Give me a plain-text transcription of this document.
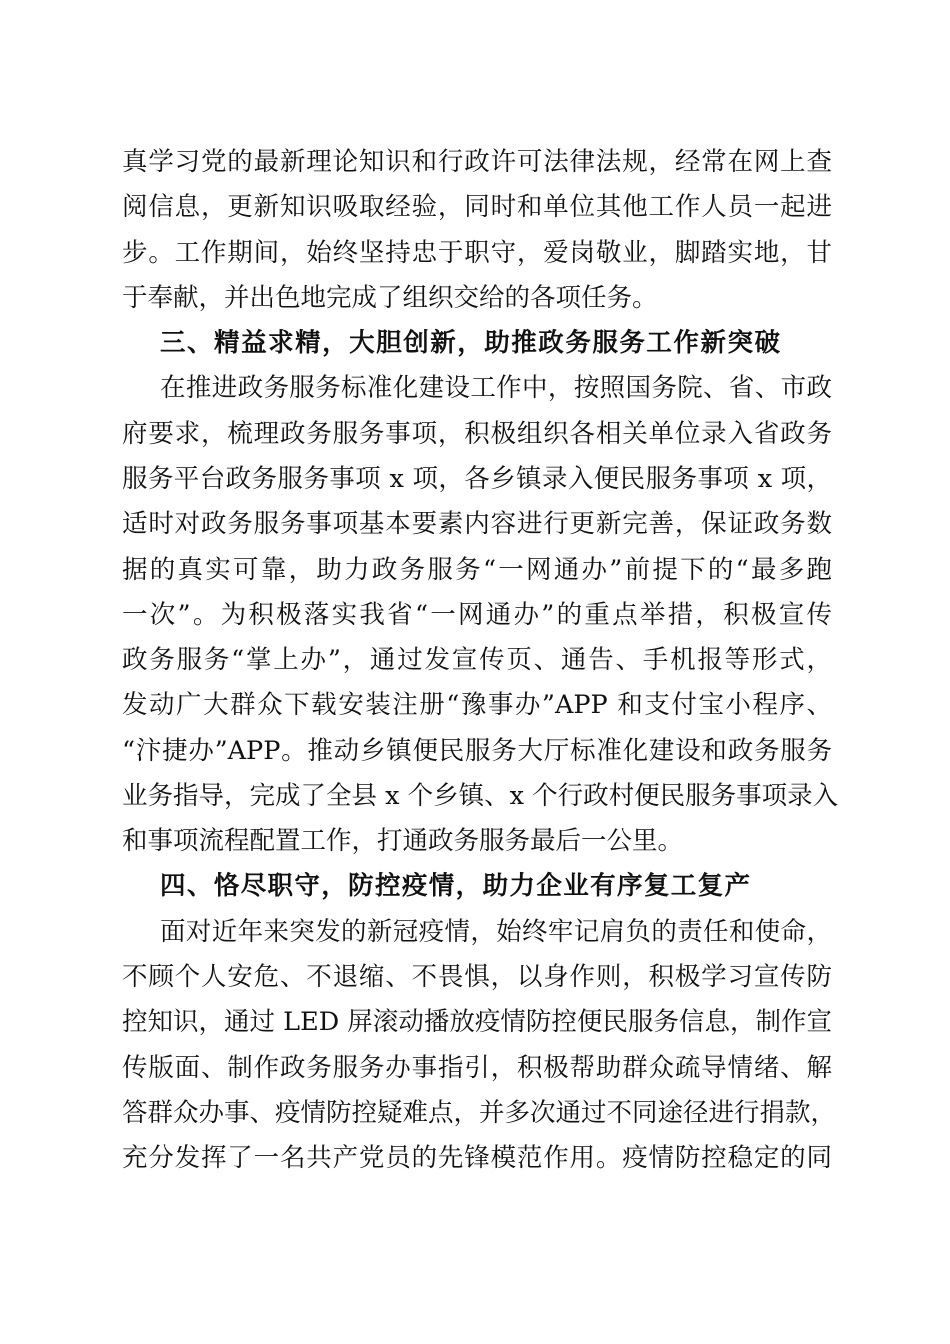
真学习党的最新理论知识和行政许可法律法规，经常在网上查
阅信息，更新知识吸取经验，同时和单位其他工作人员一起进
步。工作期间，始终坚持忠于职守，爱岗敬业，脚踏实地，甘
于奉献，并出色地完成了组织交给的各项任务。
三、精益求精，大胆创新，助推政务服务工作新突破
在推进政务服务标准化建设工作中，按照国务院、省、市政
府要求，梳理政务服务事项，积极组织各相关单位录入省政务
服务平台政务服务事项 x 项，各乡镇录入便民服务事项 x 项，
适时对政务服务事项基本要素内容进行更新完善，保证政务数
据的真实可靠，助力政务服务“一网通办”前提下的“最多跑
一次”。为积极落实我省“一网通办”的重点举措，积极宣传
政务服务“掌上办”，通过发宣传页、通告、手机报等形式，
发动广大群众下载安装注册“豫事办”APP 和支付宝小程序、
“汴捷办”APP。推动乡镇便民服务大厅标准化建设和政务服务
业务指导，完成了全县 x 个乡镇、x 个行政村便民服务事项录入
和事项流程配置工作，打通政务服务最后一公里。
四、恪尽职守，防控疫情，助力企业有序复工复产
面对近年来突发的新冠疫情，始终牢记肩负的责任和使命，
不顾个人安危、不退缩、不畏惧，以身作则，积极学习宣传防
控知识，通过 LED 屏滚动播放疫情防控便民服务信息，制作宣
传版面、制作政务服务办事指引，积极帮助群众疏导情绪、解
答群众办事、疫情防控疑难点，并多次通过不同途径进行捐款，
充分发挥了一名共产党员的先锋模范作用。疫情防控稳定的同
